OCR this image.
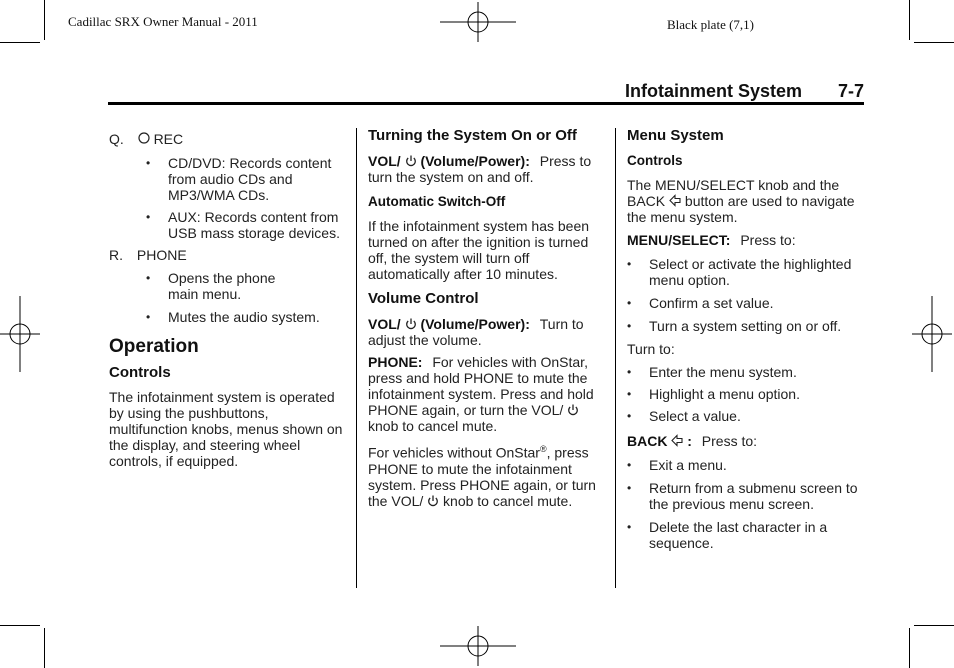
Cadillac SRX Owner Manual - 2011	Black plate (7,1)
Infotainment System 7-7

Q. REC

• CD/DVD: Records content from audio CDs and MP3/WMA CDs.
• AUX: Records content from USB mass storage devices.

R. PHONE

• Opens the phone main menu.
• Mutes the audio system.

Operation

Controls

The infotainment system is operated by using the pushbuttons, multifunction knobs, menus shown on the display, and steering wheel controls, if equipped.

Turning the System On or Off

VOL/ (Volume/Power): Press to turn the system on and off.

Automatic Switch-Off

If the infotainment system has been turned on after the ignition is turned off, the system will turn off automatically after 10 minutes.

Volume Control

VOL/ (Volume/Power): Turn to adjust the volume.

PHONE: For vehicles with OnStar, press and hold PHONE to mute the infotainment system. Press and hold PHONE again, or turn the VOL/  knob to cancel mute.

For vehicles without OnStar®, press PHONE to mute the infotainment system. Press PHONE again, or turn the VOL/ knob to cancel mute.

Menu System

Controls

The MENU/SELECT knob and the BACK button are used to navigate the menu system.

MENU/SELECT: Press to:

• Select or activate the highlighted menu option.
• Confirm a set value.
• Turn a system setting on or off.

Turn to:

• Enter the menu system.
• Highlight a menu option.
• Select a value.

BACK : Press to:

• Exit a menu.
• Return from a submenu screen to the previous menu screen.
• Delete the last character in a sequence.
